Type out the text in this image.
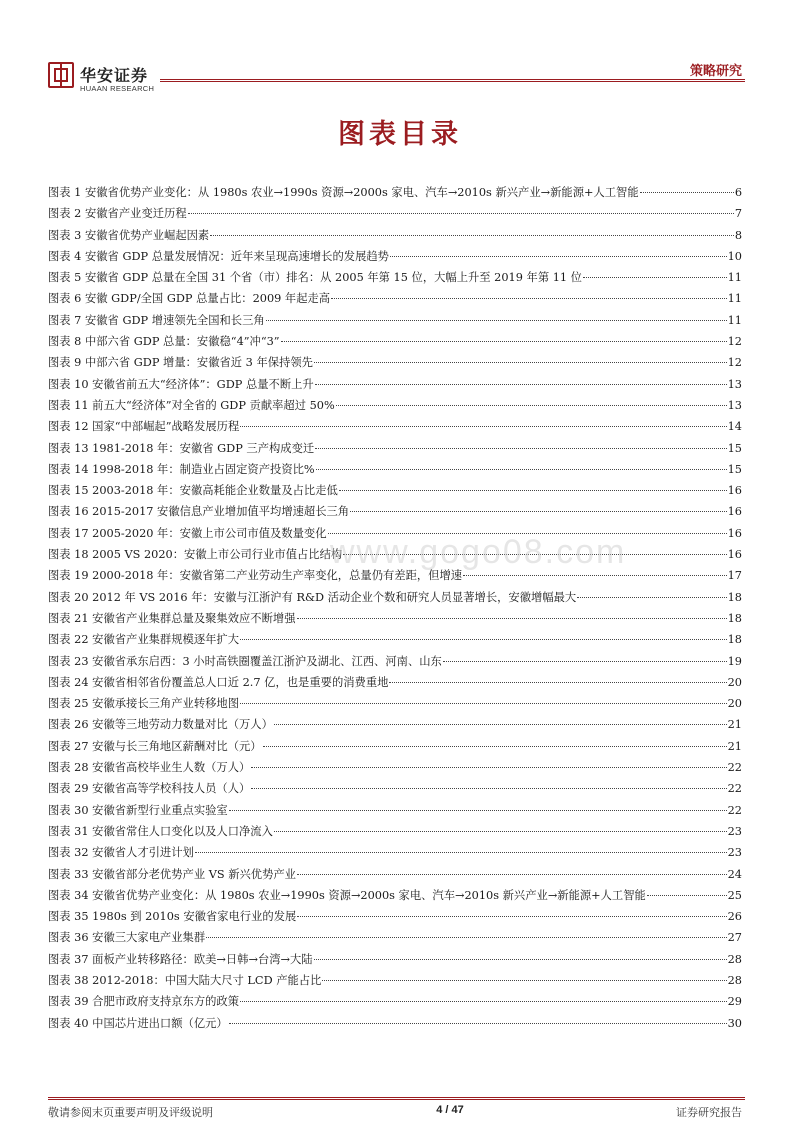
华安证券
HUAAN RESEARCH
策略研究
图表目录
图表 1 安徽省优势产业变化：从 1980s 农业→1990s 资源→2000s 家电、汽车→2010s 新兴产业→新能源+人工智能	6
图表 2 安徽省产业变迁历程	7
图表 3 安徽省优势产业崛起因素	8
图表 4 安徽省 GDP 总量发展情况：近年来呈现高速增长的发展趋势	10
图表 5 安徽省 GDP 总量在全国 31 个省（市）排名：从 2005 年第 15 位，大幅上升至 2019 年第 11 位	11
图表 6 安徽 GDP/全国 GDP 总量占比：2009 年起走高	11
图表 7 安徽省 GDP 增速领先全国和长三角	11
图表 8 中部六省 GDP 总量：安徽稳“4”冲“3”	12
图表 9 中部六省 GDP 增量：安徽省近 3 年保持领先	12
图表 10 安徽省前五大“经济体”：GDP 总量不断上升	13
图表 11 前五大“经济体”对全省的 GDP 贡献率超过 50%	13
图表 12 国家“中部崛起”战略发展历程	14
图表 13 1981-2018 年：安徽省 GDP 三产构成变迁	15
图表 14 1998-2018 年：制造业占固定资产投资比%	15
图表 15 2003-2018 年：安徽高耗能企业数量及占比走低	16
图表 16 2015-2017 安徽信息产业增加值平均增速超长三角	16
图表 17 2005-2020 年：安徽上市公司市值及数量变化	16
图表 18 2005 VS 2020：安徽上市公司行业市值占比结构	16
图表 19 2000-2018 年：安徽省第二产业劳动生产率变化，总量仍有差距，但增速	17
图表 20 2012 年 VS 2016 年：安徽与江浙沪有 R&D 活动企业个数和研究人员显著增长，安徽增幅最大	18
图表 21 安徽省产业集群总量及聚集效应不断增强	18
图表 22 安徽省产业集群规模逐年扩大	18
图表 23 安徽省承东启西：3 小时高铁圈覆盖江浙沪及湖北、江西、河南、山东	19
图表 24 安徽省相邻省份覆盖总人口近 2.7 亿，也是重要的消费重地	20
图表 25 安徽承接长三角产业转移地图	20
图表 26 安徽等三地劳动力数量对比（万人）	21
图表 27 安徽与长三角地区薪酬对比（元）	21
图表 28 安徽省高校毕业生人数（万人）	22
图表 29 安徽省高等学校科技人员（人）	22
图表 30 安徽省新型行业重点实验室	22
图表 31 安徽省常住人口变化以及人口净流入	23
图表 32 安徽省人才引进计划	23
图表 33 安徽省部分老优势产业 VS 新兴优势产业	24
图表 34 安徽省优势产业变化：从 1980s 农业→1990s 资源→2000s 家电、汽车→2010s 新兴产业→新能源+人工智能	25
图表 35 1980s 到 2010s 安徽省家电行业的发展	26
图表 36 安徽三大家电产业集群	27
图表 37 面板产业转移路径：欧美→日韩→台湾→大陆	28
图表 38 2012-2018：中国大陆大尺寸 LCD 产能占比	28
图表 39 合肥市政府支持京东方的政策	29
图表 40 中国芯片进出口额（亿元）	30
www.gogo08.com
敬请参阅末页重要声明及评级说明	4 / 47	证券研究报告
